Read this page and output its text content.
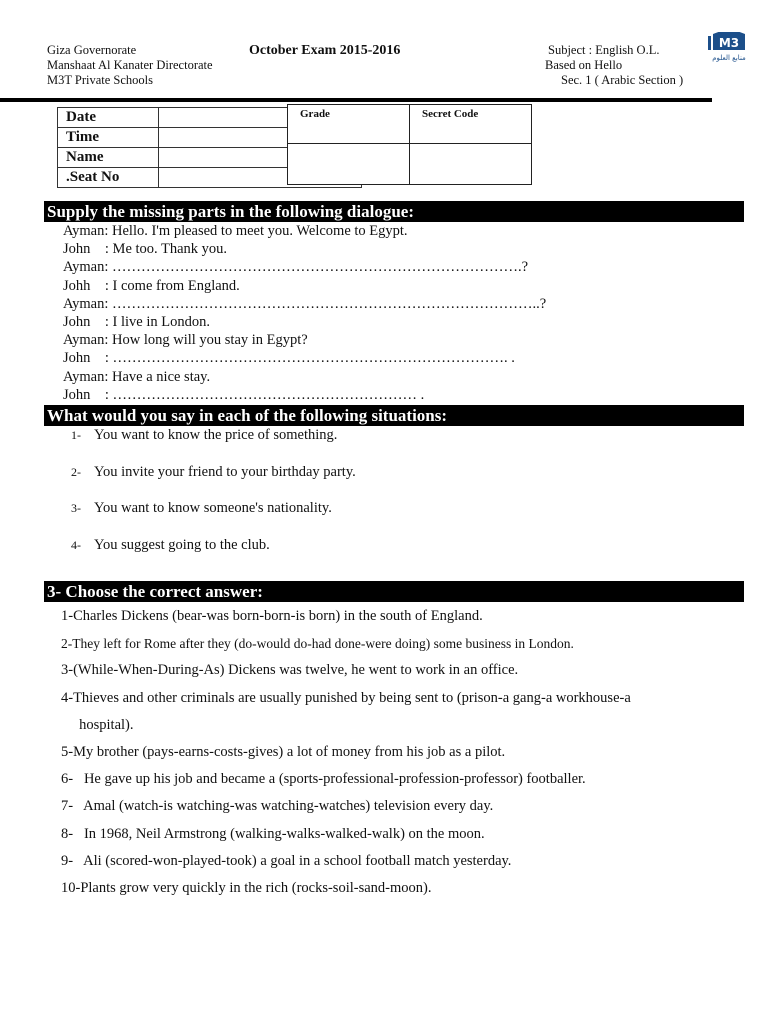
Giza Governorate
Manshaat Al Kanater Directorate
M3T Private Schools
October Exam 2015-2016	Subject : English O.L.
Based on Hello
Sec. 1 ( Arabic Section )
M3
منابع العلوم
Date	
Time	
Name	
.Seat No	
Grade	Secret Code

Supply the missing parts in the following dialogue:
Ayman: Hello. I'm pleased to meet you. Welcome to Egypt.
John    : Me too. Thank you.
Ayman: ………………………………………………………………………….?
Johh    : I come from England.
Ayman: ……………………………………………………………………………..?
John    : I live in London.
Ayman: How long will you stay in Egypt?
John    : ………………………………………………………………………. .
Ayman: Have a nice stay.
John    : ……………………………………………………… .
What would you say in each of the following situations:
1- You want to know the price of something.
2- You invite your friend to your birthday party.
3- You want to know someone's nationality.
4- You suggest going to the club.
3- Choose the correct answer:
1-Charles Dickens (bear-was born-born-is born) in the south of England.
2-They left for Rome after they (do-would do-had done-were doing) some business in London.
3-(While-When-During-As) Dickens was twelve, he went to work in an office.
4-Thieves and other criminals are usually punished by being sent to (prison-a gang-a workhouse-a
hospital).
5-My brother (pays-earns-costs-gives) a lot of money from his job as a pilot.
6-   He gave up his job and became a (sports-professional-profession-professor) footballer.
7-   Amal (watch-is watching-was watching-watches) television every day.
8-   In 1968, Neil Armstrong (walking-walks-walked-walk) on the moon.
9-   Ali (scored-won-played-took) a goal in a school football match yesterday.
10-Plants grow very quickly in the rich (rocks-soil-sand-moon).
